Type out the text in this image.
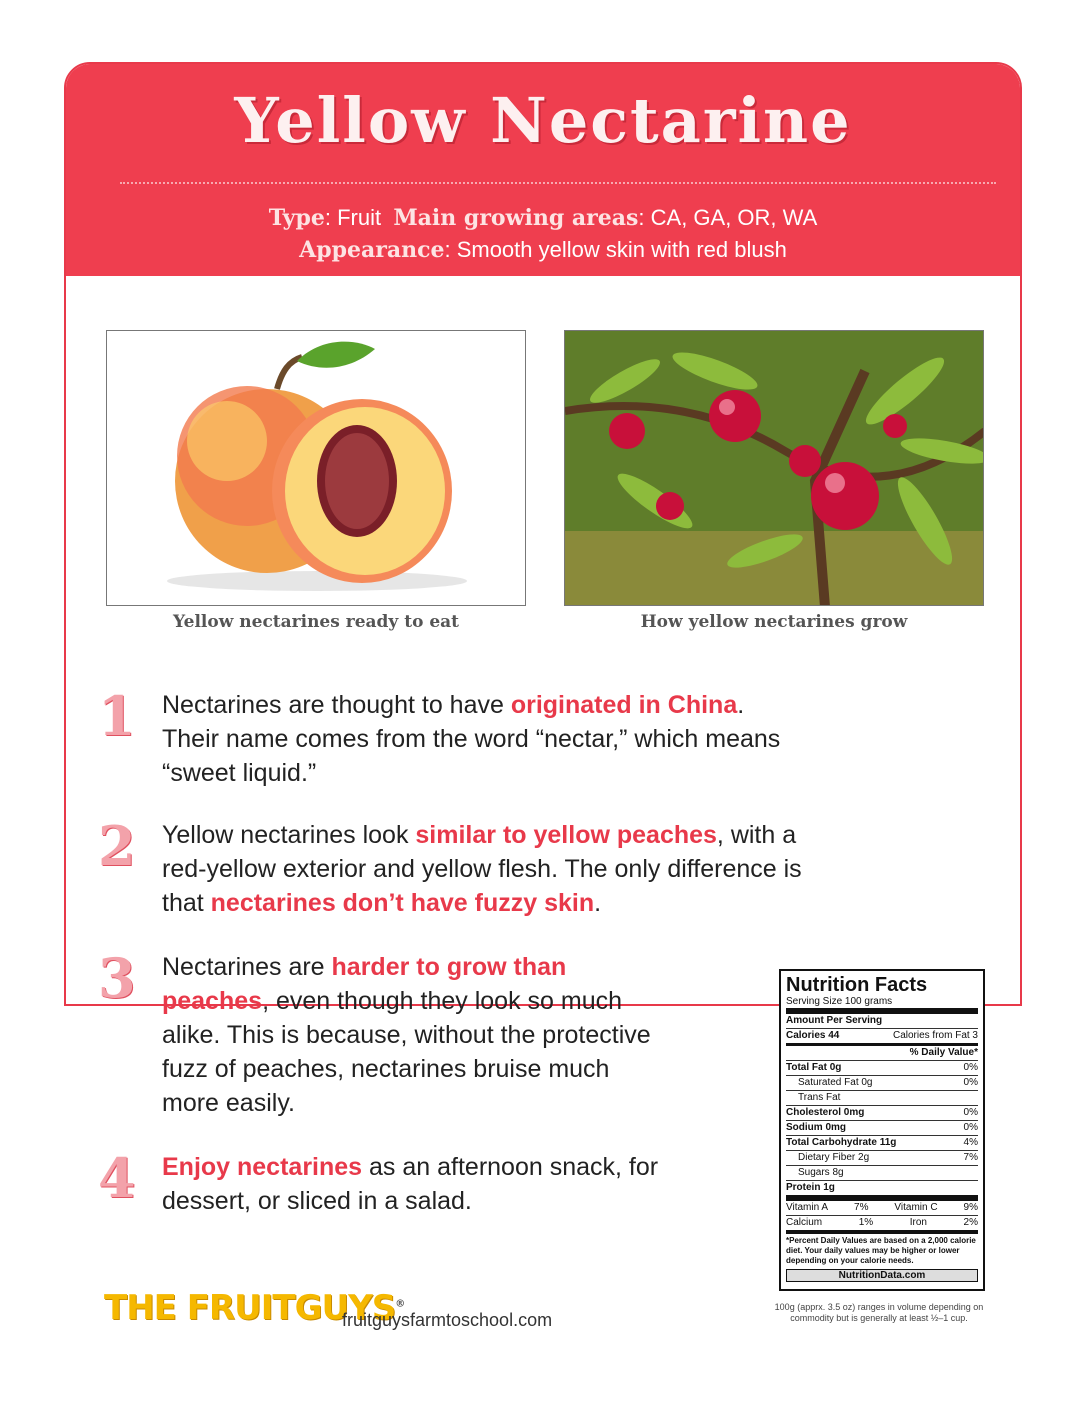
Yellow Nectarine
Type: Fruit Main growing areas: CA, GA, OR, WA
Appearance: Smooth yellow skin with red blush
Yellow nectarines ready to eat	How yellow nectarines grow
1	Nectarines are thought to have originated in China.
Their name comes from the word “nectar,” which means
“sweet liquid.”
2	Yellow nectarines look similar to yellow peaches, with a
red-yellow exterior and yellow flesh. The only difference is
that nectarines don’t have fuzzy skin.
3	Nectarines are harder to grow than
peaches, even though they look so much
alike. This is because, without the protective
fuzz of peaches, nectarines bruise much
more easily.
4	Enjoy nectarines as an afternoon snack, for
dessert, or sliced in a salad.
Nutrition Facts
Serving Size 100 grams
Amount Per Serving
Calories 44	Calories from Fat 3
% Daily Value*
Total Fat 0g	0%
Saturated Fat 0g	0%
Trans Fat
Cholesterol 0mg	0%
Sodium 0mg	0%
Total Carbohydrate 11g	4%
Dietary Fiber 2g	7%
Sugars 8g
Protein 1g
Vitamin A	7%	Vitamin C	9%
Calcium	1%	Iron	2%
*Percent Daily Values are based on a 2,000 calorie diet. Your daily values may be higher or lower depending on your calorie needs.
NutritionData.com
100g (apprx. 3.5 oz) ranges in volume depending on commodity but is generally at least ½–1 cup.
THE FRUITGUYS®
fruitguysfarmtoschool.com
